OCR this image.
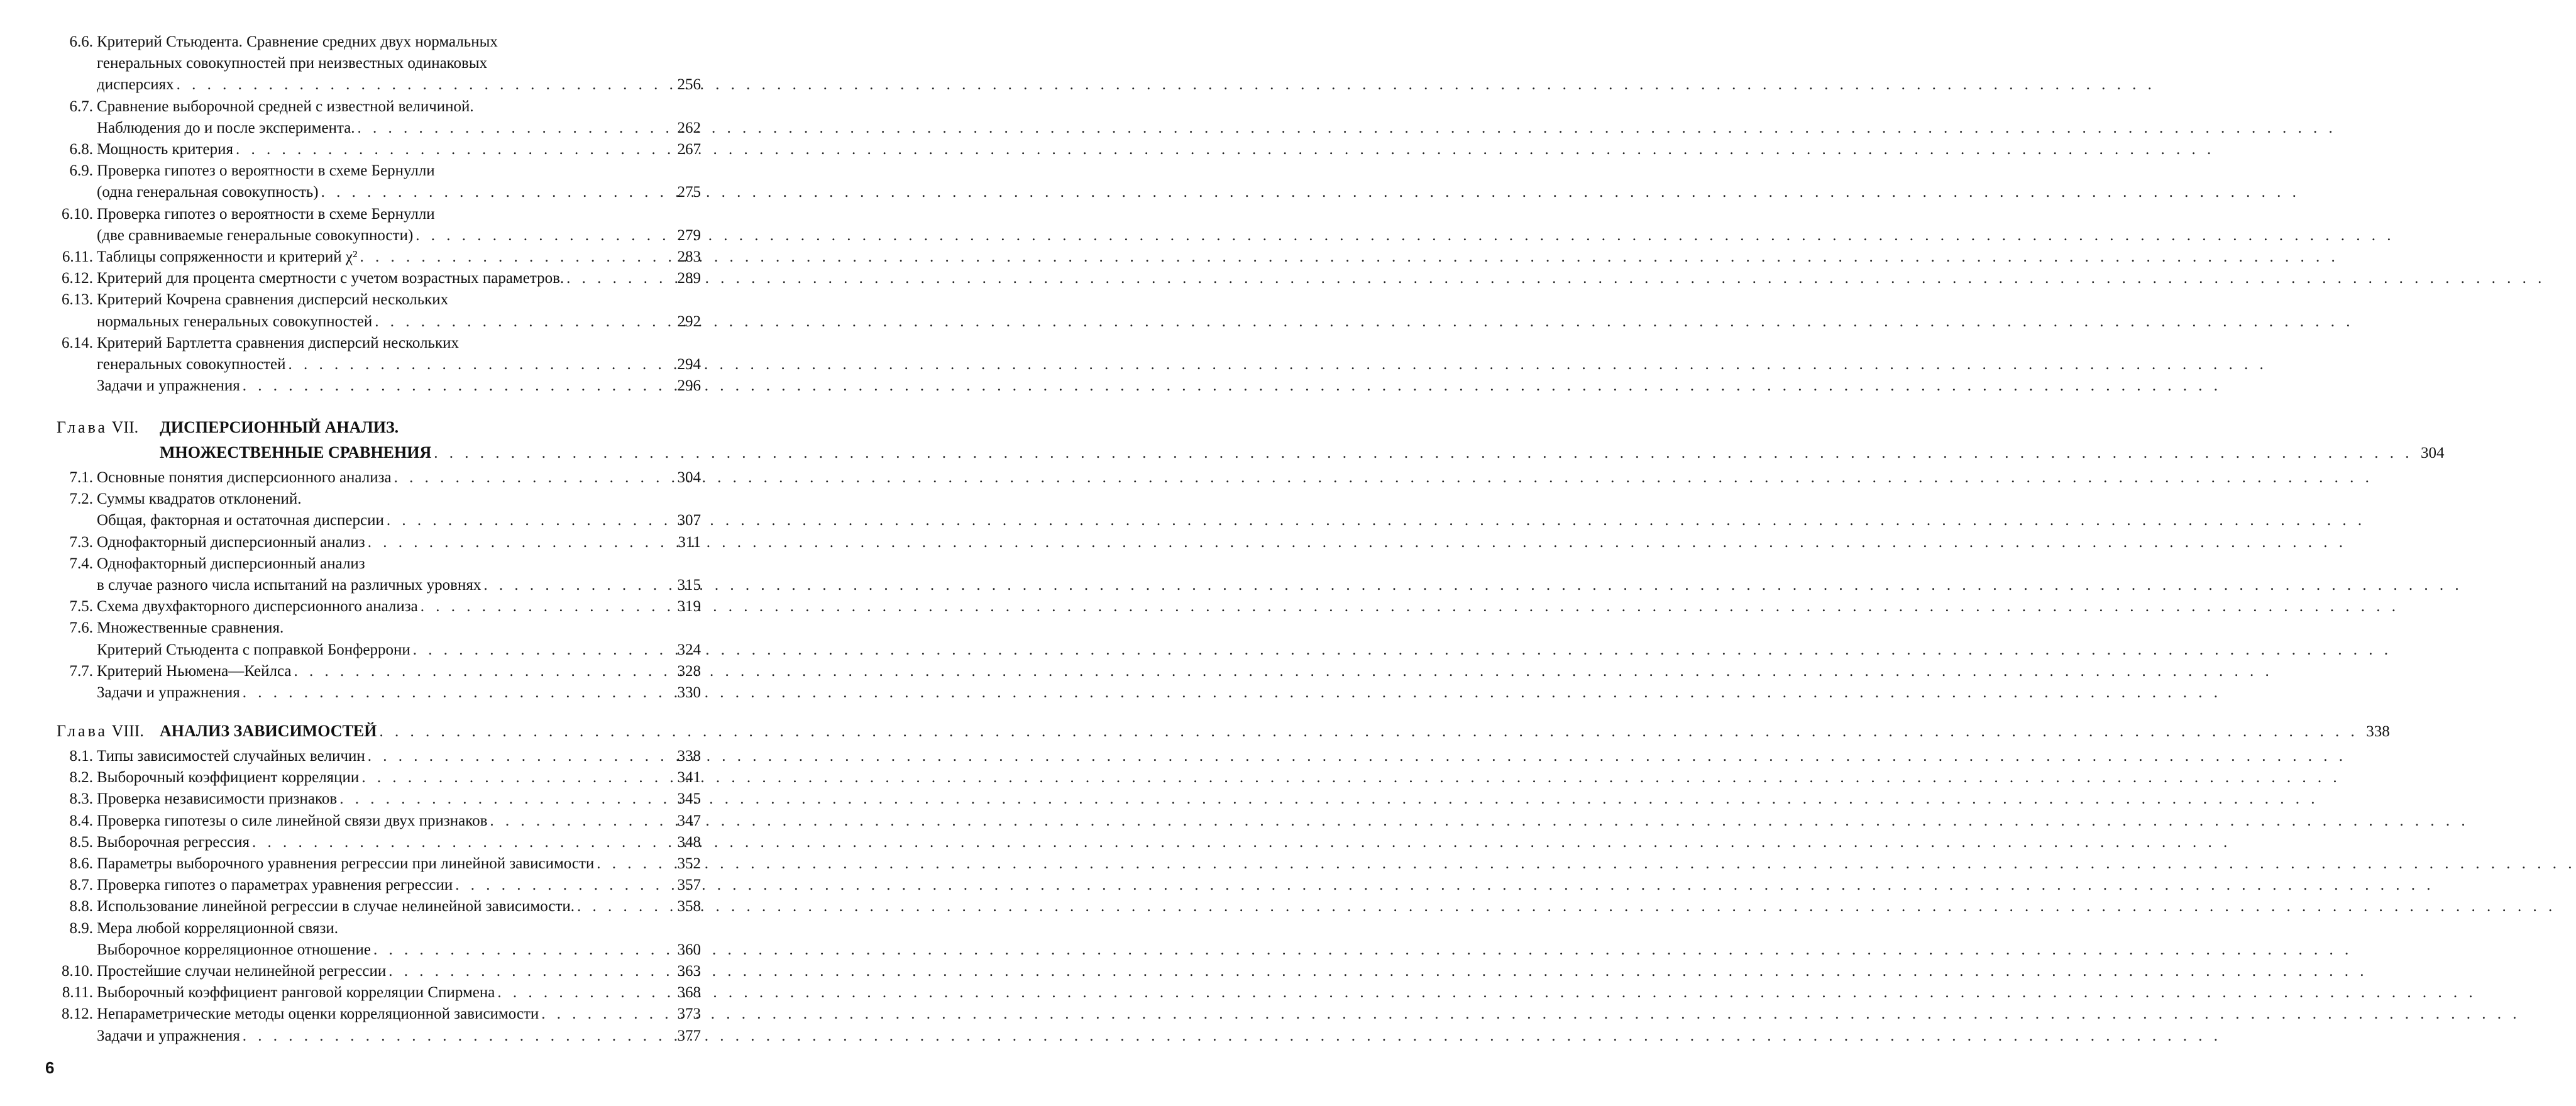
6.6. Критерий Стьюдента. Сравнение средних двух нормальных
генеральных совокупностей при неизвестных одинаковых
дисперсиях . . .	256
6.7. Сравнение выборочной средней с известной величиной.
Наблюдения до и после эксперимента. . . .	262
6.8. Мощность критерия . . .	267
6.9. Проверка гипотез о вероятности в схеме Бернулли
(одна генеральная совокупность) . . .	275
6.10. Проверка гипотез о вероятности в схеме Бернулли
(две сравниваемые генеральные совокупности) . . .	279
6.11. Таблицы сопряженности и критерий χ² . . .	283
6.12. Критерий для процента смертности с учетом возрастных параметров. . . .	289
6.13. Критерий Кочрена сравнения дисперсий нескольких
нормальных генеральных совокупностей . . .	292
6.14. Критерий Бартлетта сравнения дисперсий нескольких
генеральных совокупностей . . .	294
Задачи и упражнения . . .	296
Глава VII.	ДИСПЕРСИОННЫЙ АНАЛИЗ.
МНОЖЕСТВЕННЫЕ СРАВНЕНИЯ . . .	304
7.1. Основные понятия дисперсионного анализа . . .	304
7.2. Суммы квадратов отклонений.
Общая, факторная и остаточная дисперсии . . .	307
7.3. Однофакторный дисперсионный анализ . . .	311
7.4. Однофакторный дисперсионный анализ
в случае разного числа испытаний на различных уровнях . . .	315
7.5. Схема двухфакторного дисперсионного анализа . . .	319
7.6. Множественные сравнения.
Критерий Стьюдента с поправкой Бонферрони . . .	324
7.7. Критерий Ньюмена—Кейлса . . .	328
Задачи и упражнения . . .	330
Глава VIII. АНАЛИЗ ЗАВИСИМОСТЕЙ . . .	338
8.1. Типы зависимостей случайных величин . . .	338
8.2. Выборочный коэффициент корреляции . . .	341
8.3. Проверка независимости признаков . . .	345
8.4. Проверка гипотезы о силе линейной связи двух признаков . . .	347
8.5. Выборочная регрессия . . .	348
8.6. Параметры выборочного уравнения регрессии при линейной зависимости . . .	352
8.7. Проверка гипотез о параметрах уравнения регрессии . . .	357
8.8. Использование линейной регрессии в случае нелинейной зависимости. . . .	358
8.9. Мера любой корреляционной связи.
Выборочное корреляционное отношение . . .	360
8.10. Простейшие случаи нелинейной регрессии . . .	363
8.11. Выборочный коэффициент ранговой корреляции Спирмена . . .	368
8.12. Непараметрические методы оценки корреляционной зависимости . . .	373
Задачи и упражнения . . .	377
6
